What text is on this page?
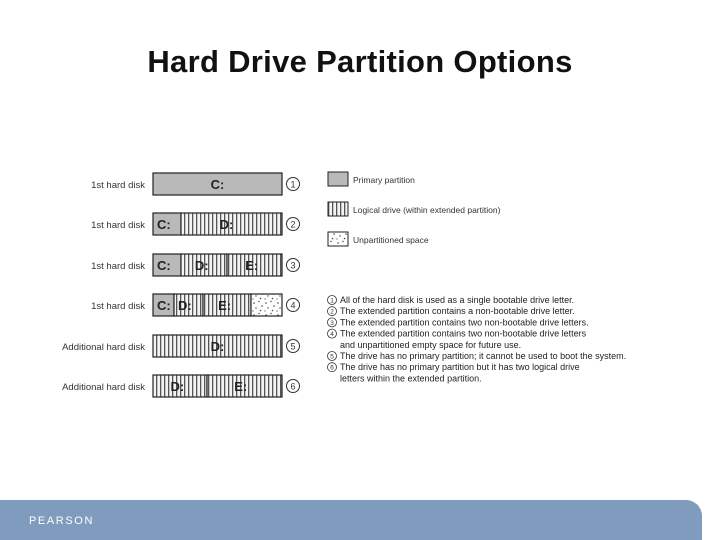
Hard Drive Partition Options
1st hard disk	C:	1
1st hard disk C:	D:	2
1st hard disk C: D:	E:	3
1st hard disk C: D: E:	4
Additional hard disk	D:	5
Additional hard disk D:	E:	6
Primary partition
Logical drive (within extended partition)
Unpartitioned space
1 All of the hard disk is used as a single bootable drive letter.
2 The extended partition contains a non-bootable drive letter.
3 The extended partition contains two non-bootable drive letters.
4 The extended partition contains two non-bootable drive letters
and unpartitioned empty space for future use.
5 The drive has no primary partition; it cannot be used to boot the system.
6 The drive has no primary partition but it has two logical drive
letters within the extended partition.
PEARSON
